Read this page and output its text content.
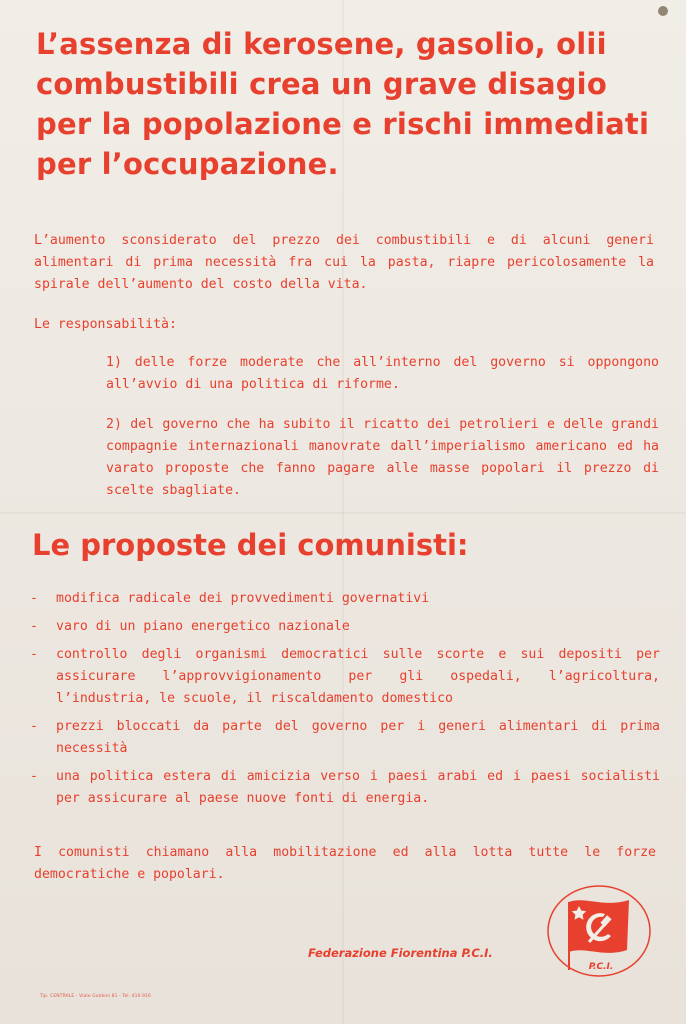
L’assenza di kerosene, gasolio, olii
combustibili crea un grave disagio
per la popolazione e rischi immediati
per l’occupazione.

L’aumento sconsiderato del prezzo dei combustibili e di alcuni generi alimentari di prima necessità fra cui la pasta, riapre pericolosamente la spirale dell’aumento del costo della vita.

Le responsabilità:

1) delle forze moderate che all’interno del governo si oppongono all’avvio di una politica di riforme.

2) del governo che ha subito il ricatto dei petrolieri e delle grandi compagnie internazionali manovrate dall’imperialismo americano ed ha varato proposte che fanno pagare alle masse popolari il prezzo di scelte sbagliate.

Le proposte dei comunisti:
- modifica radicale dei provvedimenti governativi
- varo di un piano energetico nazionale
- controllo degli organismi democratici sulle scorte e sui depositi per assicurare l’approvvigionamento per gli ospedali, l’agricoltura, l’industria, le scuole, il riscaldamento domestico
- prezzi bloccati da parte del governo per i generi alimentari di prima necessità
- una politica estera di amicizia verso i paesi arabi ed i paesi socialisti per assicurare al paese nuove fonti di energia.

I comunisti chiamano alla mobilitazione ed alla lotta tutte le forze democratiche e popolari.

Tip. CENTRALE - Viale Goldoni 81 - Tel. 410.916

Federazione Fiorentina P.C.I.

P.C.I.
